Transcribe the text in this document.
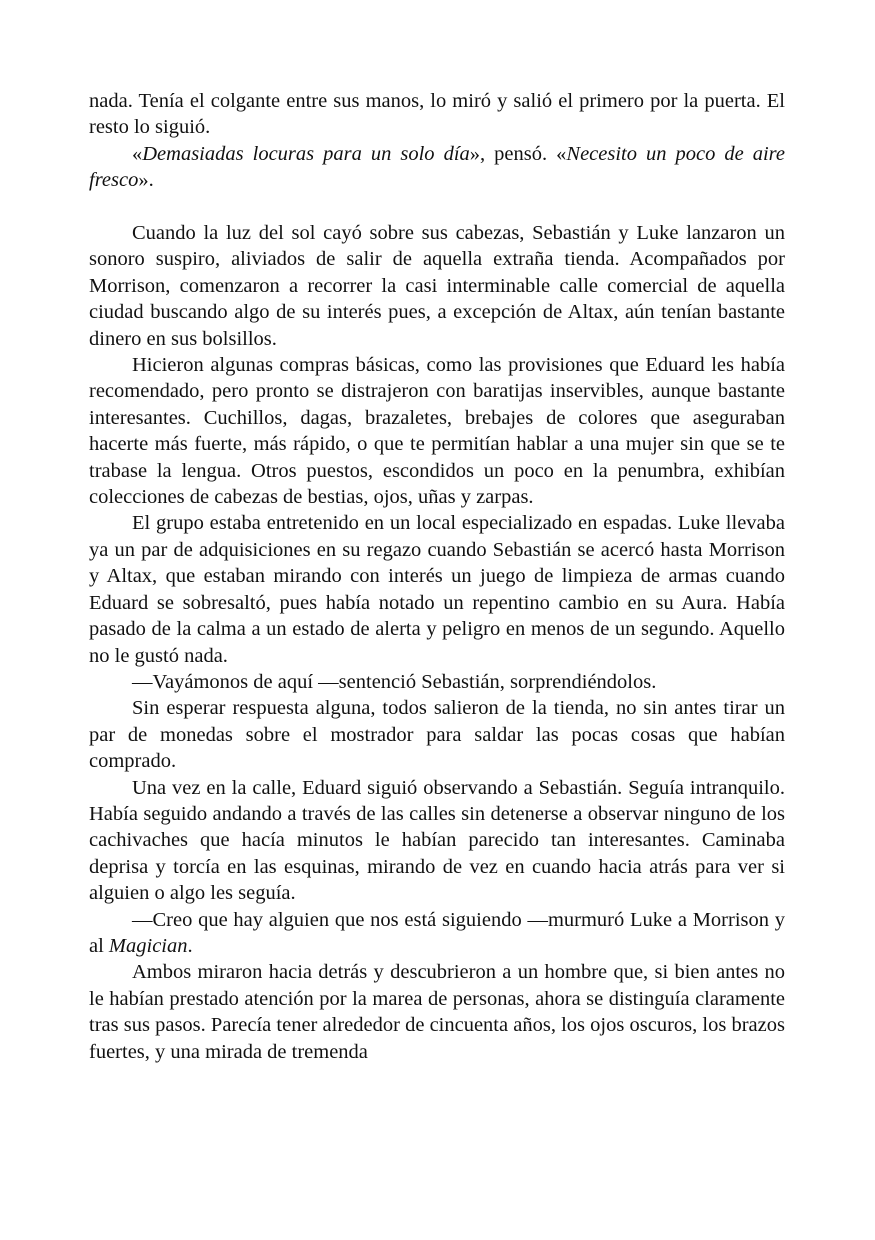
nada. Tenía el colgante entre sus manos, lo miró y salió el primero por la puerta. El resto lo siguió.

«Demasiadas locuras para un solo día», pensó. «Necesito un poco de aire fresco».

Cuando la luz del sol cayó sobre sus cabezas, Sebastián y Luke lanzaron un sonoro suspiro, aliviados de salir de aquella extraña tienda. Acompañados por Morrison, comenzaron a recorrer la casi interminable calle comercial de aquella ciudad buscando algo de su interés pues, a excepción de Altax, aún tenían bastante dinero en sus bolsillos.

Hicieron algunas compras básicas, como las provisiones que Eduard les había recomendado, pero pronto se distrajeron con baratijas inservibles, aunque bastante interesantes. Cuchillos, dagas, brazaletes, brebajes de colores que aseguraban hacerte más fuerte, más rápido, o que te permitían hablar a una mujer sin que se te trabase la lengua. Otros puestos, escondidos un poco en la penumbra, exhibían colecciones de cabezas de bestias, ojos, uñas y zarpas.

El grupo estaba entretenido en un local especializado en espadas. Luke llevaba ya un par de adquisiciones en su regazo cuando Sebastián se acercó hasta Morrison y Altax, que estaban mirando con interés un juego de limpieza de armas cuando Eduard se sobresaltó, pues había notado un repentino cambio en su Aura. Había pasado de la calma a un estado de alerta y peligro en menos de un segundo. Aquello no le gustó nada.

—Vayámonos de aquí —sentenció Sebastián, sorprendiéndolos.

Sin esperar respuesta alguna, todos salieron de la tienda, no sin antes tirar un par de monedas sobre el mostrador para saldar las pocas cosas que habían comprado.

Una vez en la calle, Eduard siguió observando a Sebastián. Seguía intranquilo. Había seguido andando a través de las calles sin detenerse a observar ninguno de los cachivaches que hacía minutos le habían parecido tan interesantes. Caminaba deprisa y torcía en las esquinas, mirando de vez en cuando hacia atrás para ver si alguien o algo les seguía.

—Creo que hay alguien que nos está siguiendo —murmuró Luke a Morrison y al Magician.

Ambos miraron hacia detrás y descubrieron a un hombre que, si bien antes no le habían prestado atención por la marea de personas, ahora se distinguía claramente tras sus pasos. Parecía tener alrededor de cincuenta años, los ojos oscuros, los brazos fuertes, y una mirada de tremenda
